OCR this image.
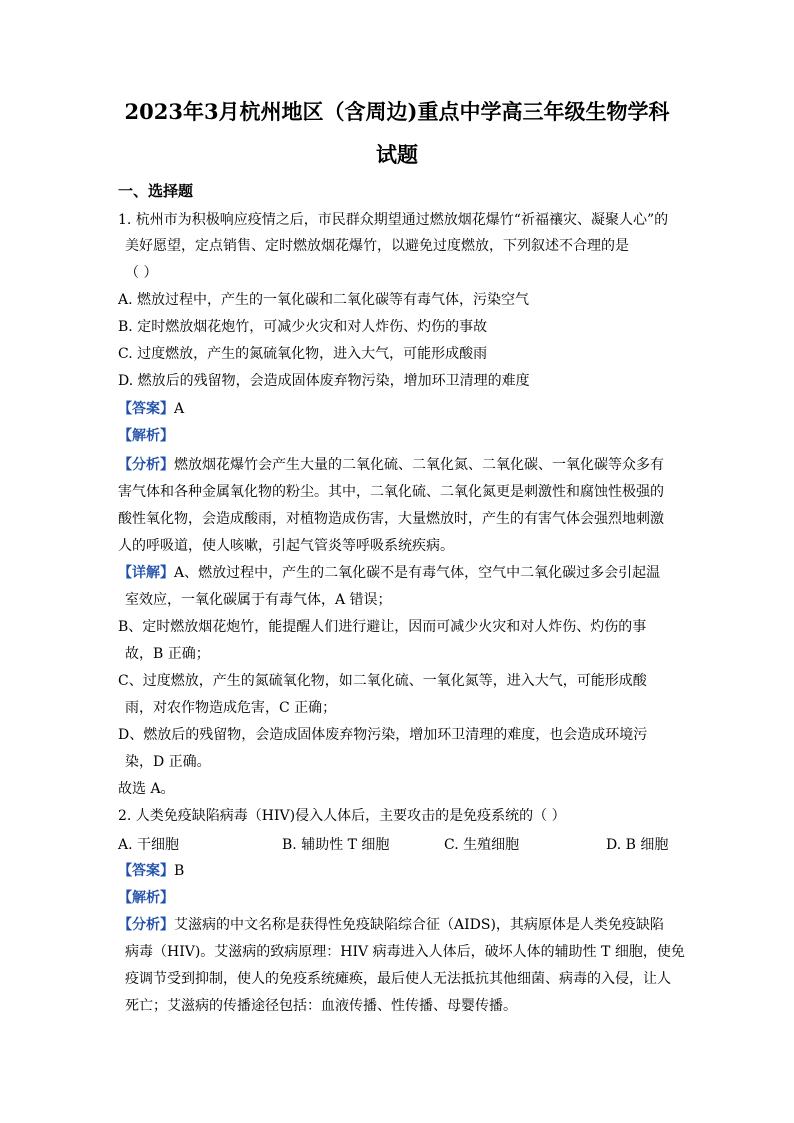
2023年3月杭州地区（含周边)重点中学高三年级生物学科
试题
一、选择题
1. 杭州市为积极响应疫情之后，市民群众期望通过燃放烟花爆竹“祈福禳灾、凝聚人心”的
美好愿望，定点销售、定时燃放烟花爆竹，以避免过度燃放，下列叙述不合理的是
（ ）
A. 燃放过程中，产生的一氧化碳和二氧化碳等有毒气体，污染空气
B. 定时燃放烟花炮竹，可减少火灾和对人炸伤、灼伤的事故
C. 过度燃放，产生的氮硫氧化物，进入大气，可能形成酸雨
D. 燃放后的残留物，会造成固体废弃物污染，增加环卫清理的难度
【答案】A
【解析】
【分析】燃放烟花爆竹会产生大量的二氧化硫、二氧化氮、二氧化碳、一氧化碳等众多有
害气体和各种金属氧化物的粉尘。其中，二氧化硫、二氧化氮更是刺激性和腐蚀性极强的
酸性氧化物，会造成酸雨，对植物造成伤害，大量燃放时，产生的有害气体会强烈地刺激
人的呼吸道，使人咳嗽，引起气管炎等呼吸系统疾病。
【详解】A、燃放过程中，产生的二氧化碳不是有毒气体，空气中二氧化碳过多会引起温
室效应，一氧化碳属于有毒气体，A 错误；
B、定时燃放烟花炮竹，能提醒人们进行避让，因而可减少火灾和对人炸伤、灼伤的事
故，B 正确；
C、过度燃放，产生的氮硫氧化物，如二氧化硫、一氧化氮等，进入大气，可能形成酸
雨，对农作物造成危害，C 正确；
D、燃放后的残留物，会造成固体废弃物污染，增加环卫清理的难度，也会造成环境污
染，D 正确。
故选 A。
2. 人类免疫缺陷病毒（HIV)侵入人体后，主要攻击的是免疫系统的（ ）
A. 干细胞	B. 辅助性 T 细胞	C. 生殖细胞	D. B 细胞
【答案】B
【解析】
【分析】艾滋病的中文名称是获得性免疫缺陷综合征（AIDS)，其病原体是人类免疫缺陷
病毒（HIV)。艾滋病的致病原理：HIV 病毒进入人体后，破坏人体的辅助性 T 细胞，使免
疫调节受到抑制，使人的免疫系统瘫痪，最后使人无法抵抗其他细菌、病毒的入侵，让人
死亡；艾滋病的传播途径包括：血液传播、性传播、母婴传播。
